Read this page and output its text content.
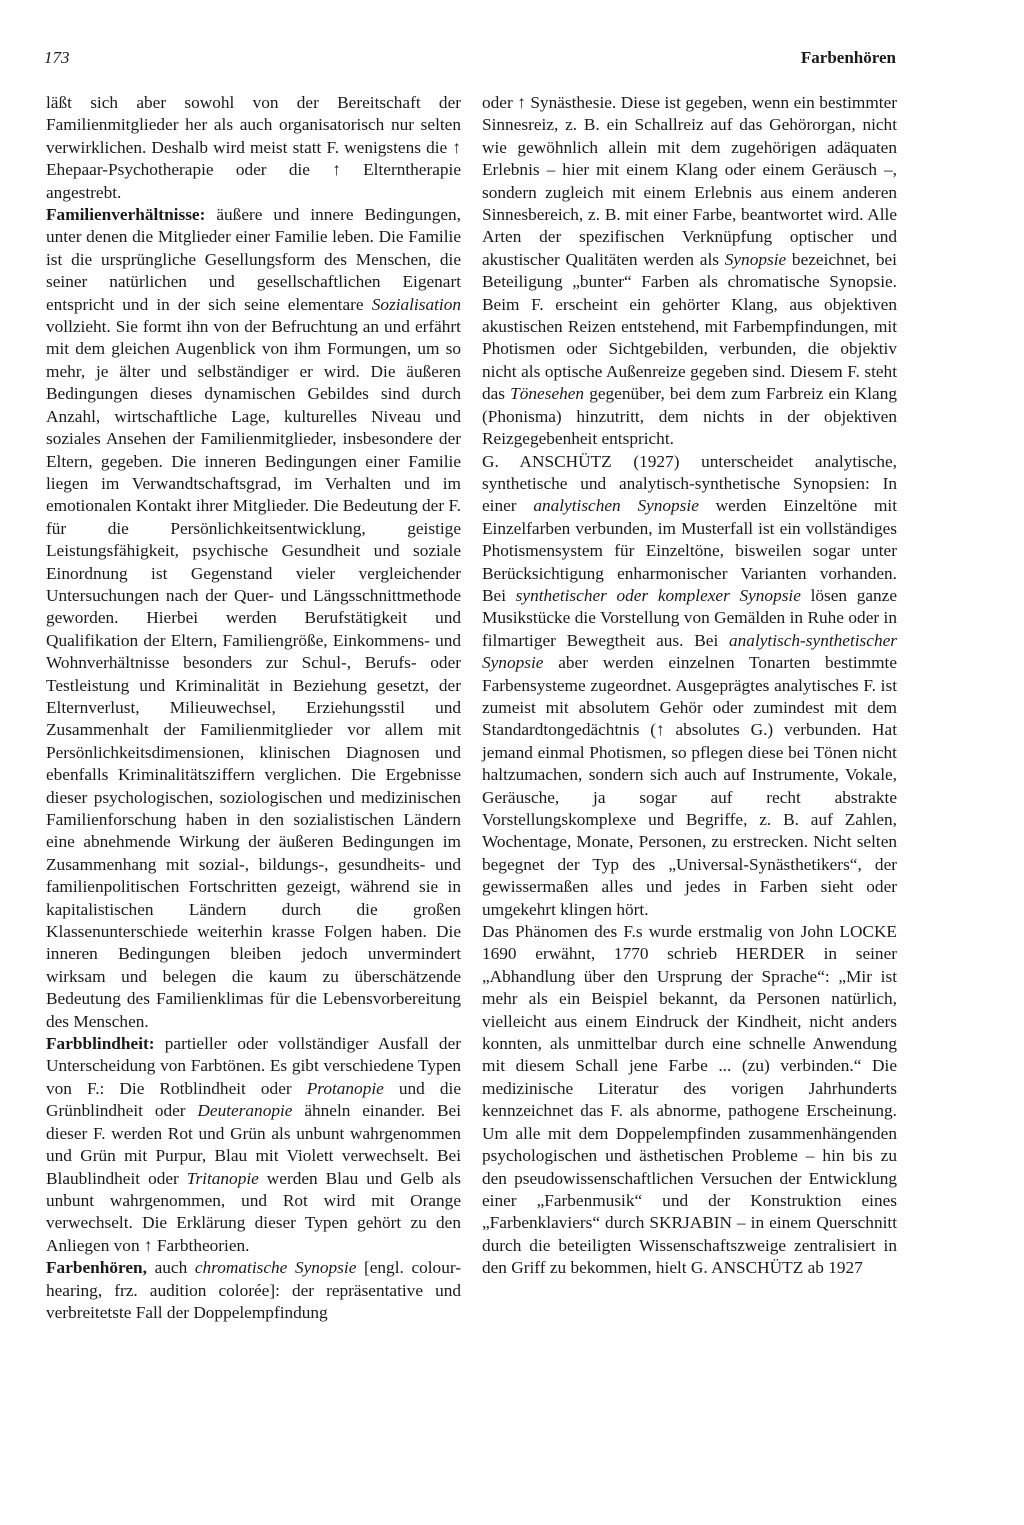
173	Farbenhören

läßt sich aber sowohl von der Bereitschaft der Familienmitglieder her als auch organisatorisch nur selten verwirklichen. Deshalb wird meist statt F. wenigstens die ↑ Ehepaar-Psychotherapie oder die ↑ Elterntherapie angestrebt.

Familienverhältnisse: äußere und innere Bedingungen, unter denen die Mitglieder einer Familie leben. Die Familie ist die ursprüngliche Gesellungsform des Menschen, die seiner natürlichen und gesellschaftlichen Eigenart entspricht und in der sich seine elementare Sozialisation vollzieht. Sie formt ihn von der Befruchtung an und erfährt mit dem gleichen Augenblick von ihm Formungen, um so mehr, je älter und selbständiger er wird. Die äußeren Bedingungen dieses dynamischen Gebildes sind durch Anzahl, wirtschaftliche Lage, kulturelles Niveau und soziales Ansehen der Familienmitglieder, insbesondere der Eltern, gegeben. Die inneren Bedingungen einer Familie liegen im Verwandtschaftsgrad, im Verhalten und im emotionalen Kontakt ihrer Mitglieder. Die Bedeutung der F. für die Persönlichkeitsentwicklung, geistige Leistungsfähigkeit, psychische Gesundheit und soziale Einordnung ist Gegenstand vieler vergleichender Untersuchungen nach der Quer- und Längsschnittmethode geworden. Hierbei werden Berufstätigkeit und Qualifikation der Eltern, Familiengröße, Einkommens- und Wohnverhältnisse besonders zur Schul-, Berufs- oder Testleistung und Kriminalität in Beziehung gesetzt, der Elternverlust, Milieuwechsel, Erziehungsstil und Zusammenhalt der Familienmitglieder vor allem mit Persönlichkeitsdimensionen, klinischen Diagnosen und ebenfalls Kriminalitätsziffern verglichen. Die Ergebnisse dieser psychologischen, soziologischen und medizinischen Familienforschung haben in den sozialistischen Ländern eine abnehmende Wirkung der äußeren Bedingungen im Zusammenhang mit sozial-, bildungs-, gesundheits- und familienpolitischen Fortschritten gezeigt, während sie in kapitalistischen Ländern durch die großen Klassenunterschiede weiterhin krasse Folgen haben. Die inneren Bedingungen bleiben jedoch unvermindert wirksam und belegen die kaum zu überschätzende Bedeutung des Familienklimas für die Lebensvorbereitung des Menschen.

Farbblindheit: partieller oder vollständiger Ausfall der Unterscheidung von Farbtönen. Es gibt verschiedene Typen von F.: Die Rotblindheit oder Protanopie und die Grünblindheit oder Deuteranopie ähneln einander. Bei dieser F. werden Rot und Grün als unbunt wahrgenommen und Grün mit Purpur, Blau mit Violett verwechselt. Bei Blaublindheit oder Tritanopie werden Blau und Gelb als unbunt wahrgenommen, und Rot wird mit Orange verwechselt. Die Erklärung dieser Typen gehört zu den Anliegen von ↑ Farbtheorien.

Farbenhören, auch chromatische Synopsie [engl. colour-hearing, frz. audition colorée]: der repräsentative und verbreitetste Fall der Doppelempfindung

oder ↑ Synästhesie. Diese ist gegeben, wenn ein bestimmter Sinnesreiz, z. B. ein Schallreiz auf das Gehörorgan, nicht wie gewöhnlich allein mit dem zugehörigen adäquaten Erlebnis – hier mit einem Klang oder einem Geräusch –, sondern zugleich mit einem Erlebnis aus einem anderen Sinnesbereich, z. B. mit einer Farbe, beantwortet wird. Alle Arten der spezifischen Verknüpfung optischer und akustischer Qualitäten werden als Synopsie bezeichnet, bei Beteiligung „bunter“ Farben als chromatische Synopsie. Beim F. erscheint ein gehörter Klang, aus objektiven akustischen Reizen entstehend, mit Farbempfindungen, mit Photismen oder Sichtgebilden, verbunden, die objektiv nicht als optische Außenreize gegeben sind. Diesem F. steht das Tönesehen gegenüber, bei dem zum Farbreiz ein Klang (Phonisma) hinzutritt, dem nichts in der objektiven Reizgegebenheit entspricht.

G. ANSCHÜTZ (1927) unterscheidet analytische, synthetische und analytisch-synthetische Synopsien: In einer analytischen Synopsie werden Einzeltöne mit Einzelfarben verbunden, im Musterfall ist ein vollständiges Photismensystem für Einzeltöne, bisweilen sogar unter Berücksichtigung enharmonischer Varianten vorhanden. Bei synthetischer oder komplexer Synopsie lösen ganze Musikstücke die Vorstellung von Gemälden in Ruhe oder in filmartiger Bewegtheit aus. Bei analytisch-synthetischer Synopsie aber werden einzelnen Tonarten bestimmte Farbensysteme zugeordnet. Ausgeprägtes analytisches F. ist zumeist mit absolutem Gehör oder zumindest mit dem Standardtongedächtnis (↑ absolutes G.) verbunden. Hat jemand einmal Photismen, so pflegen diese bei Tönen nicht haltzumachen, sondern sich auch auf Instrumente, Vokale, Geräusche, ja sogar auf recht abstrakte Vorstellungskomplexe und Begriffe, z. B. auf Zahlen, Wochentage, Monate, Personen, zu erstrecken. Nicht selten begegnet der Typ des „Universal-Synästhetikers“, der gewissermaßen alles und jedes in Farben sieht oder umgekehrt klingen hört.

Das Phänomen des F.s wurde erstmalig von John LOCKE 1690 erwähnt, 1770 schrieb HERDER in seiner „Abhandlung über den Ursprung der Sprache“: „Mir ist mehr als ein Beispiel bekannt, da Personen natürlich, vielleicht aus einem Eindruck der Kindheit, nicht anders konnten, als unmittelbar durch eine schnelle Anwendung mit diesem Schall jene Farbe ... (zu) verbinden.“ Die medizinische Literatur des vorigen Jahrhunderts kennzeichnet das F. als abnorme, pathogene Erscheinung. Um alle mit dem Doppelempfinden zusammenhängenden psychologischen und ästhetischen Probleme – hin bis zu den pseudowissenschaftlichen Versuchen der Entwicklung einer „Farbenmusik“ und der Konstruktion eines „Farbenklaviers“ durch SKRJABIN – in einem Querschnitt durch die beteiligten Wissenschaftszweige zentralisiert in den Griff zu bekommen, hielt G. ANSCHÜTZ ab 1927
